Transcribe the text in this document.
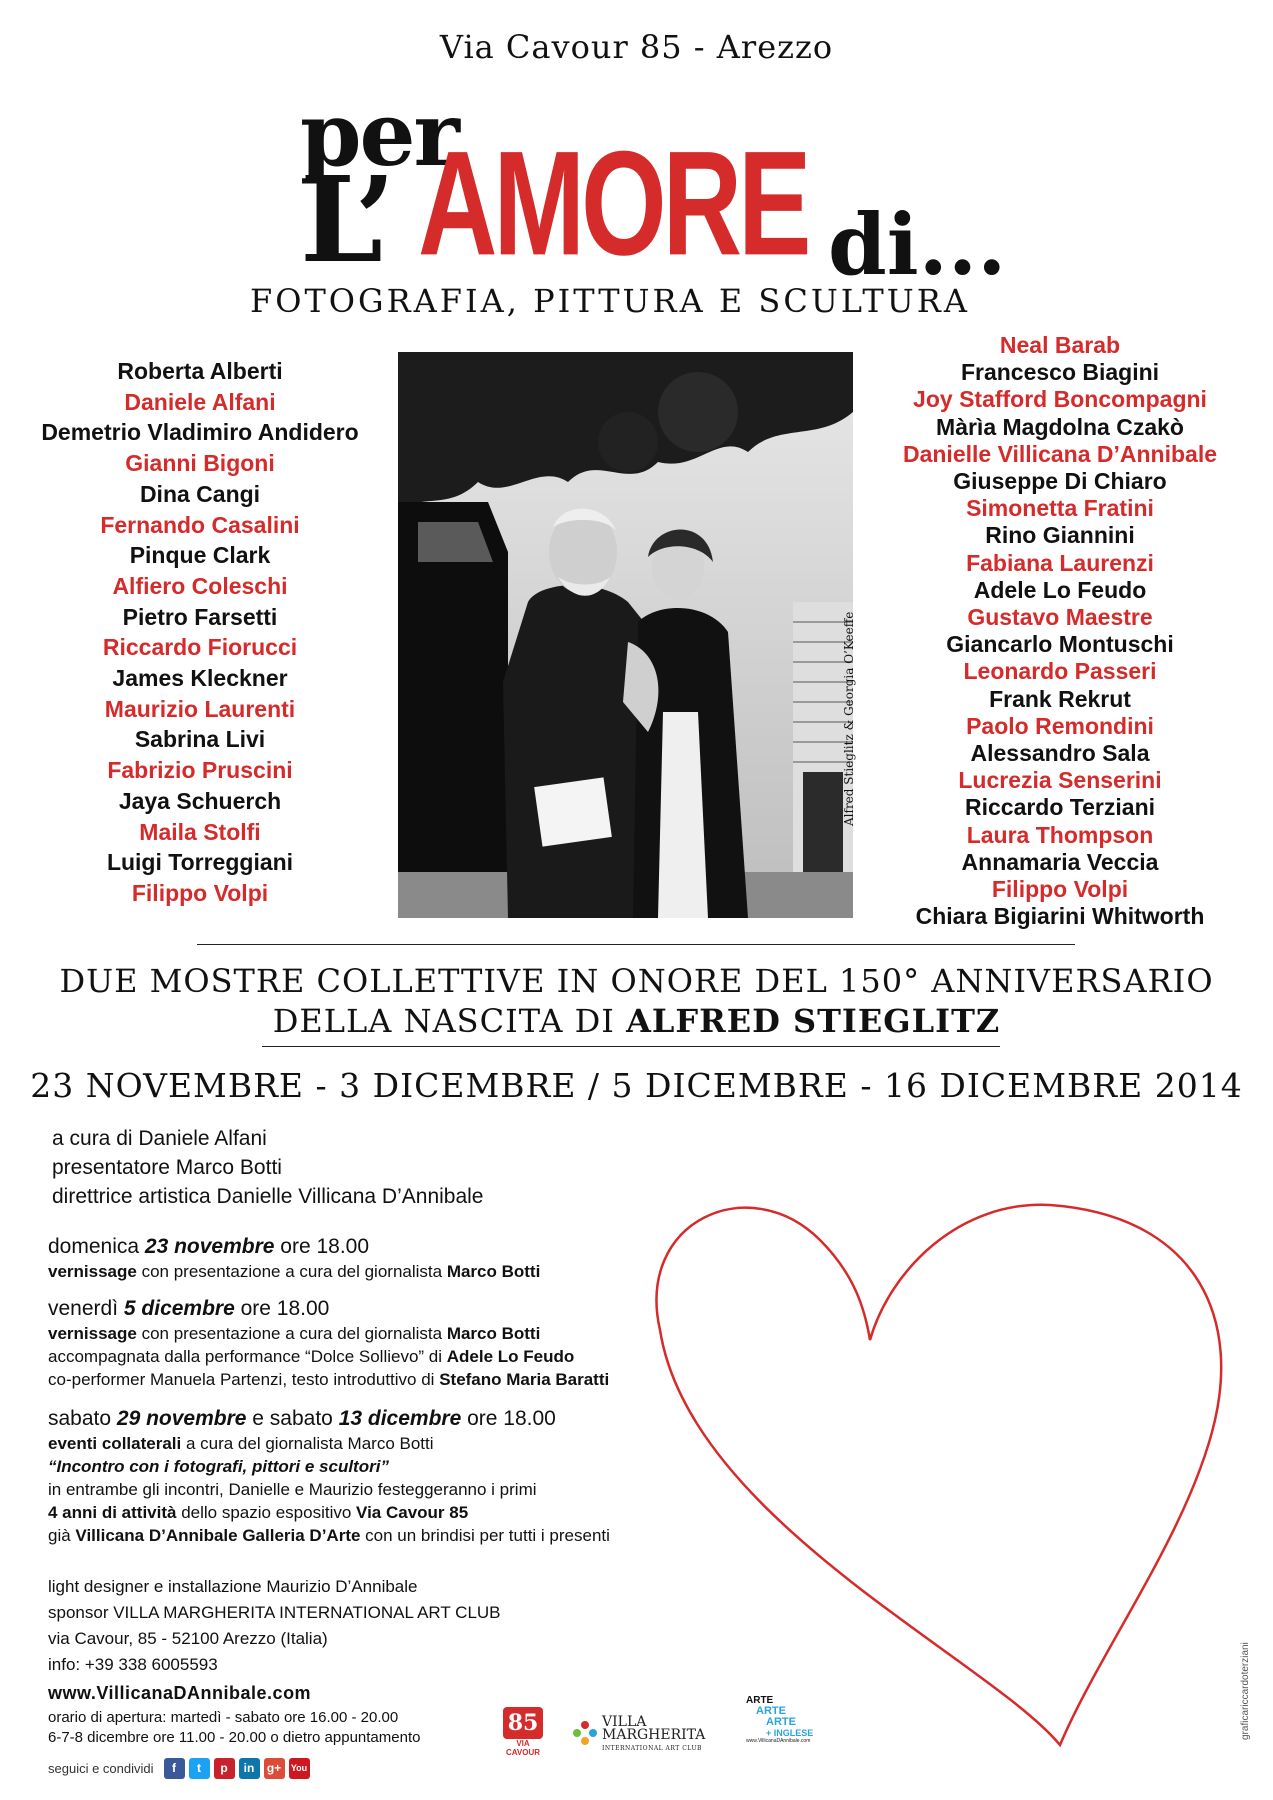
Via Cavour 85 - Arezzo
per
L’ AMORE di...
FOTOGRAFIA, PITTURA E SCULTURA
Roberta Alberti
Daniele Alfani
Demetrio Vladimiro Andidero
Gianni Bigoni
Dina Cangi
Fernando Casalini
Pinque Clark
Alfiero Coleschi
Pietro Farsetti
Riccardo Fiorucci
James Kleckner
Maurizio Laurenti
Sabrina Livi
Fabrizio Pruscini
Jaya Schuerch
Maila Stolfi
Luigi Torreggiani
Filippo Volpi
Neal Barab
Francesco Biagini
Joy Stafford Boncompagni
Màrìa Magdolna Czakò
Danielle Villicana D’Annibale
Giuseppe Di Chiaro
Simonetta Fratini
Rino Giannini
Fabiana Laurenzi
Adele Lo Feudo
Gustavo Maestre
Giancarlo Montuschi
Leonardo Passeri
Frank Rekrut
Paolo Remondini
Alessandro Sala
Lucrezia Senserini
Riccardo Terziani
Laura Thompson
Annamaria Veccia
Filippo Volpi
Chiara Bigiarini Whitworth
Alfred Stieglitz & Georgia O’Keeffe
DUE MOSTRE COLLETTIVE IN ONORE DEL 150° ANNIVERSARIO
DELLA NASCITA DI ALFRED STIEGLITZ
23 NOVEMBRE - 3 DICEMBRE / 5 DICEMBRE - 16 DICEMBRE 2014
a cura di Daniele Alfani
presentatore Marco Botti
direttrice artistica Danielle Villicana D’Annibale
domenica 23 novembre ore 18.00
vernissage con presentazione a cura del giornalista Marco Botti
venerdì 5 dicembre ore 18.00
vernissage con presentazione a cura del giornalista Marco Botti
accompagnata dalla performance “Dolce Sollievo” di Adele Lo Feudo
co-performer Manuela Partenzi, testo introduttivo di Stefano Maria Baratti
sabato 29 novembre e sabato 13 dicembre ore 18.00
eventi collaterali a cura del giornalista Marco Botti
“Incontro con i fotografi, pittori e scultori”
in entrambe gli incontri, Danielle e Maurizio festeggeranno i primi
4 anni di attività dello spazio espositivo Via Cavour 85
già Villicana D’Annibale Galleria D’Arte con un brindisi per tutti i presenti
light designer e installazione Maurizio D’Annibale
sponsor VILLA MARGHERITA INTERNATIONAL ART CLUB
via Cavour, 85 - 52100 Arezzo (Italia)
info: +39 338 6005593
www.VillicanaDAnnibale.com
orario di apertura: martedì - sabato ore 16.00 - 20.00
6-7-8 dicembre ore 11.00 - 20.00 o dietro appuntamento
seguici e condividi	f	t	p	in	g+	You
85
VIA CAVOUR
VILLA
MARGHERITA
INTERNATIONAL ART CLUB
ARTE
ARTE
ARTE
+ INGLESE
www.VillicanaDAnnibale.com
graficariccardoterziani
